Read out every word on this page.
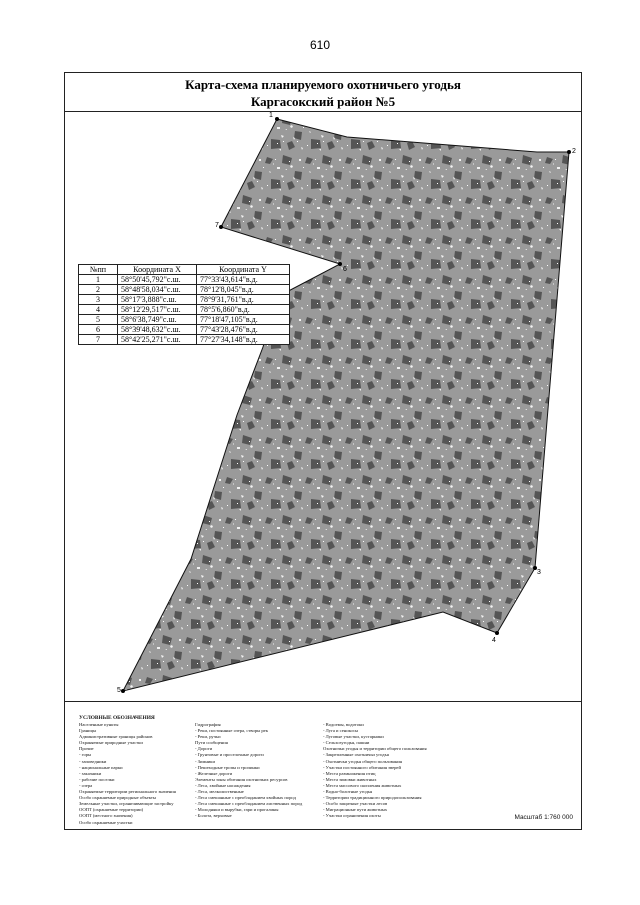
610
Карта-схема планируемого охотничьего угодья
Каргасокский район №5
1
2
3
4
5
6
7
№пп	Координата X	Координата Y
1	58°50'45,792"с.ш.	77°33'43,614"в.д.
2	58°48'58,034"с.ш.	78°12'8,045"в.д.
3	58°17'3,888"с.ш.	78°9'31,761"в.д.
4	58°12'29,517"с.ш.	78°5'6,860"в.д.
5	58°6'38,749"с.ш.	77°18'47,105"в.д.
6	58°39'48,632"с.ш.	77°43'28,476"в.д.
7	58°42'25,271"с.ш.	77°27'34,148"в.д.
УСЛОВНЫЕ ОБОЗНАЧЕНИЯ
Населенные пункты
Границы
Административные границы районов
Охраняемые природные участки
Прочие
- горы
- заповедники
- национальные парки
- заказники
- рабочие поселки
- озера
Охраняемые территории регионального значения
Особо охраняемые природные объекты
Земельные участки, ограничивающие застройку
ООПТ (охраняемые территории)
ООПТ (местного значения)
Особо охраняемые участки
Гидрография
- Реки, постоянные озера, створы рек
- Реки, ручьи
Пути сообщения
- Дороги
- Грунтовые и проселочные дороги
- Зимники
- Пешеходные тропы и тропинки
- Железные дороги
Элементы зоны обитания охотничьих ресурсов
- Леса, хвойные насаждения
- Леса, мелколиственные
- Леса смешанные с преобладанием хвойных пород
- Леса смешанные с преобладанием лиственных пород
- Молодняки и вырубки, гари и прогалины
- Болота, верховые
- Водоемы, водотоки
- Луга и сенокосы
- Луговые участки, кустарники
- Сельхозугодья, пашни
Охотничьи угодья и территории общего пользования
- Закрепленные охотничьи угодья
- Охотничьи угодья общего пользования
- Участки постоянного обитания зверей
- Места размножения птиц
- Места зимовки животных
- Места массового скопления животных
- Водно-болотные угодья
- Территории традиционного природопользования
- Особо защитные участки лесов
- Миграционные пути животных
- Участки ограничения охоты	Масштаб 1:760 000
